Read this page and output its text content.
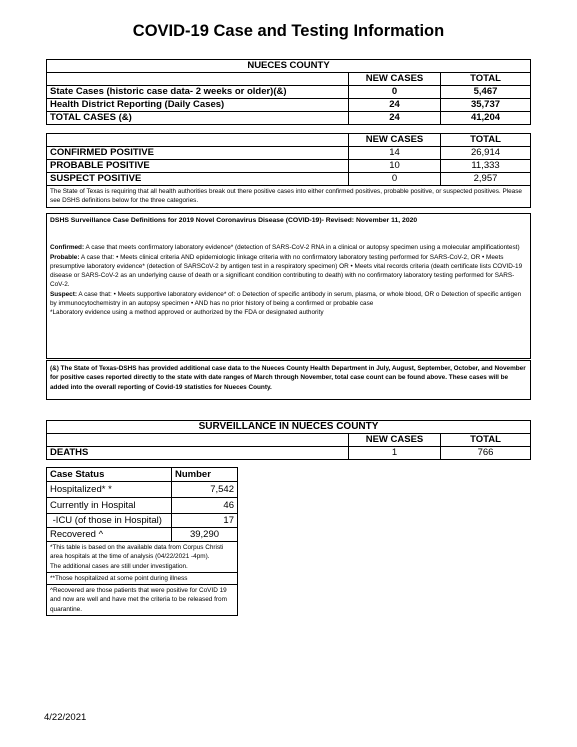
COVID-19 Case and Testing Information
NUECES COUNTY		
	NEW CASES	TOTAL
State Cases (historic case data- 2 weeks or older)(&)	0	5,467
Health District Reporting (Daily Cases)	24	35,737
TOTAL CASES (&)	24	41,204
	NEW CASES	TOTAL
CONFIRMED POSITIVE	14	26,914
PROBABLE POSITIVE	10	11,333
SUSPECT POSITIVE	0	2,957
The State of Texas is requiring that all health authorities break out there positive cases into either confirmed positives, probable positive, or suspected positives. Please see DSHS definitions below for the three categories.		

DSHS Surveillance Case Definitions for 2019 Novel Coronavirus Disease (COVID-19)- Revised: November 11, 2020

Confirmed: A case that meets confirmatory laboratory evidence* (detection of SARS-CoV-2 RNA in a clinical or autopsy specimen using a molecular amplificationtest)

Probable: A case that: • Meets clinical criteria AND epidemiologic linkage criteria with no confirmatory laboratory testing performed for SARS-CoV-2, OR • Meets presumptive laboratory evidence* (detection of SARSCoV-2 by antigen test in a respiratory specimen) OR • Meets vital records criteria (death certificate lists COVID-19 disease or SARS-CoV-2 as an underlying cause of death or a significant condition contributing to death) with no confirmatory laboratory testing performed for SARS-CoV-2.

Suspect: A case that: • Meets supportive laboratory evidence* of: o Detection of specific antibody in serum, plasma, or whole blood, OR o Detection of specific antigen by immunocytochemistry in an autopsy specimen • AND has no prior history of being a confirmed or probable case

*Laboratory evidence using a method approved or authorized by the FDA or designated authority

(&) The State of Texas-DSHS has provided additional case data to the Nueces County Health Department in July, August, September, October, and November for positive cases reported directly to the state with date ranges of March through November, total case count can be found above. These cases will be added into the overall reporting of Covid-19 statistics for Nueces County.

SURVEILLANCE IN NUECES COUNTY		
	NEW CASES	TOTAL
DEATHS	1	766
Case Status	Number
Hospitalized* *	7,542
Currently in Hospital	46
-ICU (of those in Hospital)	17
Recovered ^	39,290

*This table is based on the available data from Corpus Christi area hospitals at the time of analysis (04/22/2021 -4pm).
The additional cases are still under investigation.	

**Those hospitalized at some point during illness	
^Recovered are those patients that were positive for CoVID 19 and now are well and have met the criteria to be released from quarantine.	
4/22/2021
